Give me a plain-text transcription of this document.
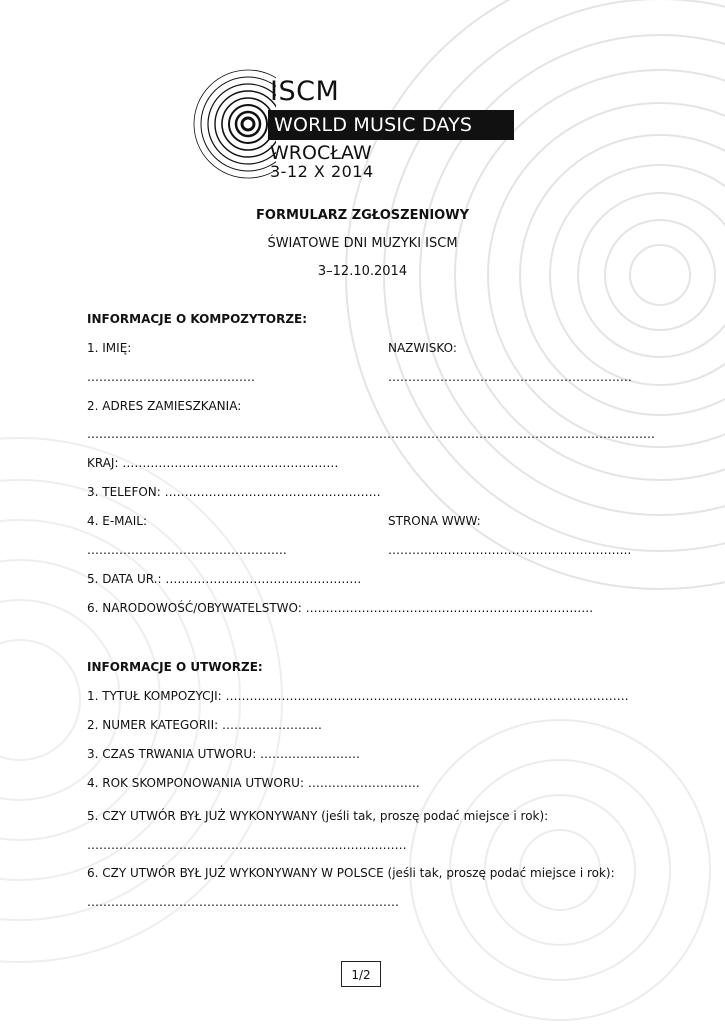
ISCM
WORLD MUSIC DAYS
WROCŁAW
3-12 X 2014
FORMULARZ ZGŁOSZENIOWY
ŚWIATOWE DNI MUZYKI ISCM
3–12.10.2014
INFORMACJE O KOMPOZYTORZE:
1. IMIĘ:	NAZWISKO:
……………………………………	………………………………………………….…
2. ADRES ZAMIESZKANIA:
…………………………………………………………………………………………………………………………….
KRAJ: ………………………………………………
3. TELEFON: ………………………………………………
4. E-MAIL:	STRONA WWW:
…………………………………………..	………..…………………………………………..
5. DATA UR.: ………………………………………….
6. NARODOWOŚĆ/OBYWATELSTWO: ……………………………….………………………….….
INFORMACJE O UTWORZE:
1. TYTUŁ KOMPOZYCJI: ……………………………………………………………..…..…………………….
2. NUMER KATEGORII: …………………….
3. CZAS TRWANIA UTWORU: …………………….
4. ROK SKOMPONOWANIA UTWORU: ……………………….
5. CZY UTWÓR BYŁ JUŻ WYKONYWANY (jeśli tak, proszę podać miejsce i rok):
……………………………………………………..………………
6. CZY UTWÓR BYŁ JUŻ WYKONYWANY W POLSCE (jeśli tak, proszę podać miejsce i rok):
……………………………………………………………………
1/2
